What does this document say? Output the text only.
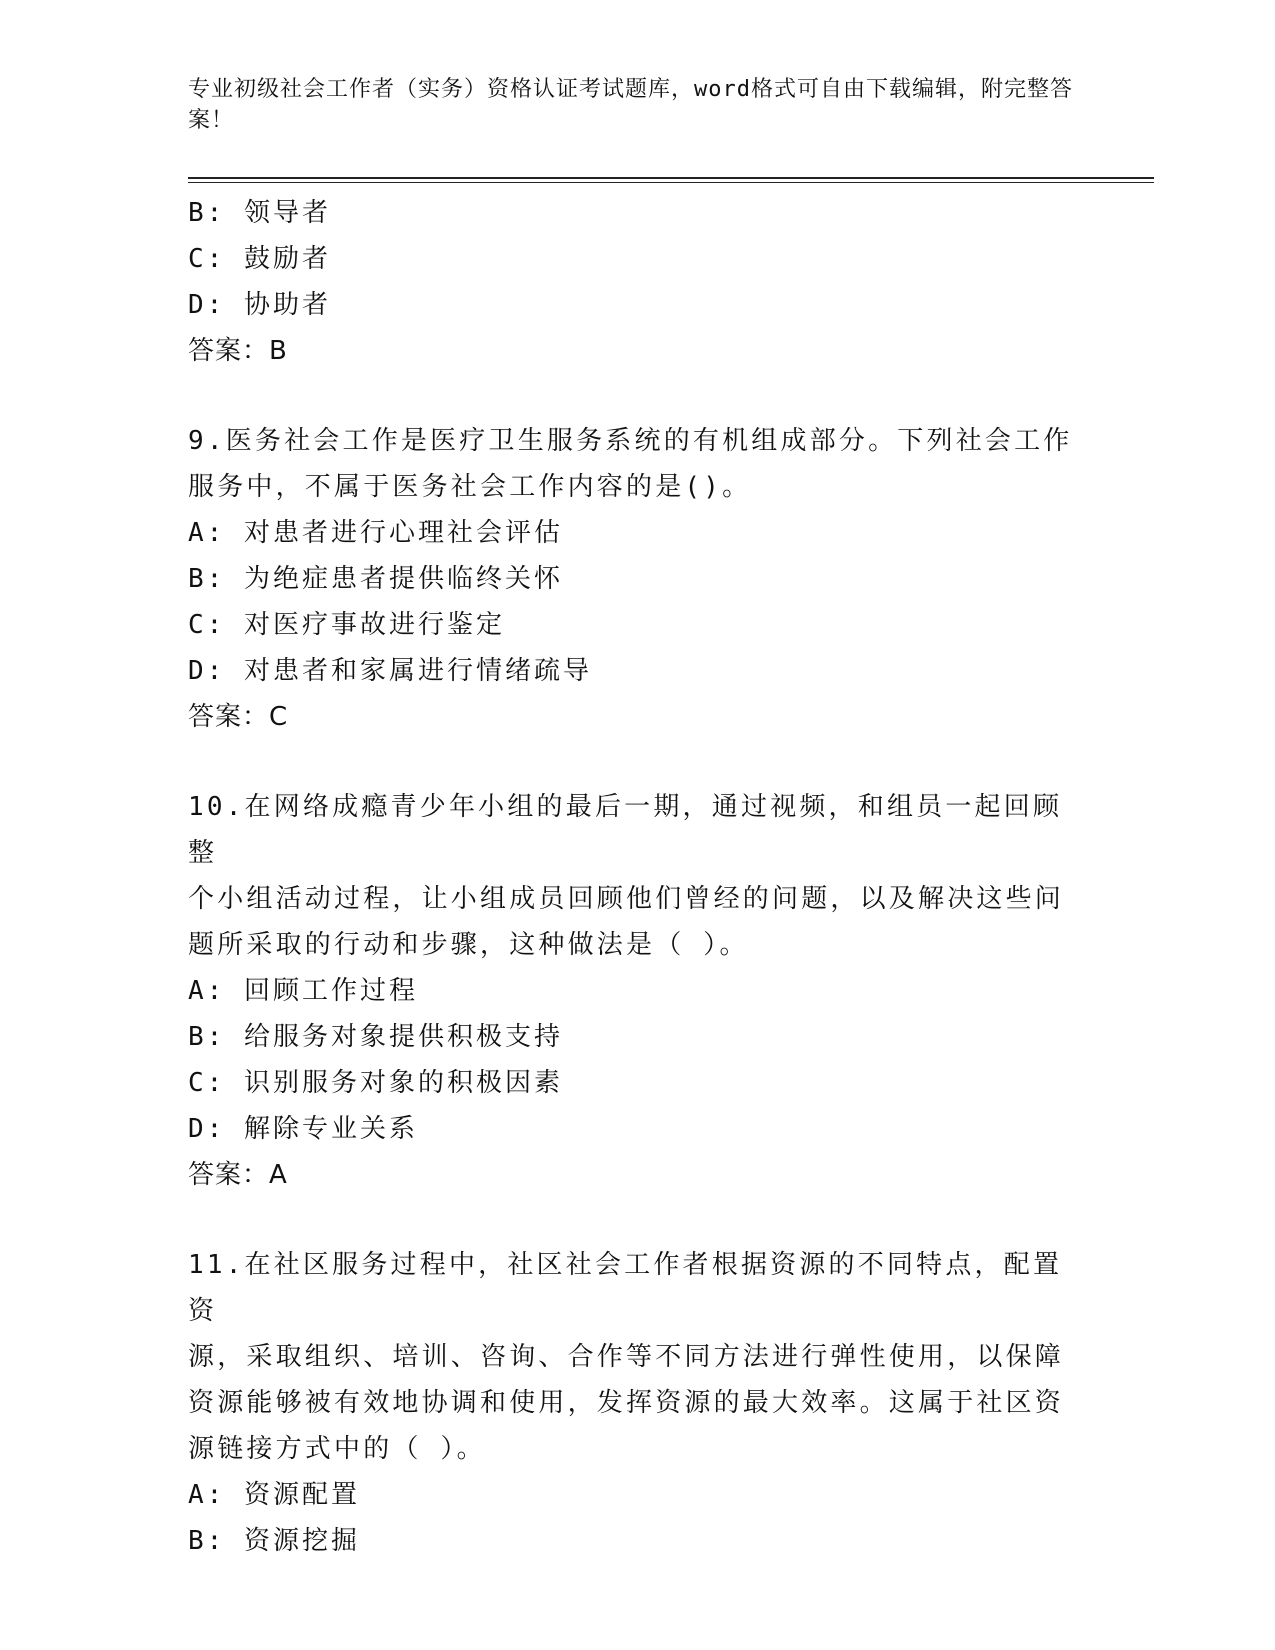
专业初级社会工作者（实务）资格认证考试题库，word格式可自由下载编辑，附完整答案！
B: 领导者
C: 鼓励者
D: 协助者
答案：B
9.医务社会工作是医疗卫生服务系统的有机组成部分。下列社会工作
服务中，不属于医务社会工作内容的是()。
A: 对患者进行心理社会评估
B: 为绝症患者提供临终关怀
C: 对医疗事故进行鉴定
D: 对患者和家属进行情绪疏导
答案：C
10.在网络成瘾青少年小组的最后一期，通过视频，和组员一起回顾整
个小组活动过程，让小组成员回顾他们曾经的问题，以及解决这些问
题所采取的行动和步骤，这种做法是（ ）。
A: 回顾工作过程
B: 给服务对象提供积极支持
C: 识别服务对象的积极因素
D: 解除专业关系
答案：A
11.在社区服务过程中，社区社会工作者根据资源的不同特点，配置资
源，采取组织、培训、咨询、合作等不同方法进行弹性使用，以保障
资源能够被有效地协调和使用，发挥资源的最大效率。这属于社区资
源链接方式中的（ ）。
A: 资源配置
B: 资源挖掘
